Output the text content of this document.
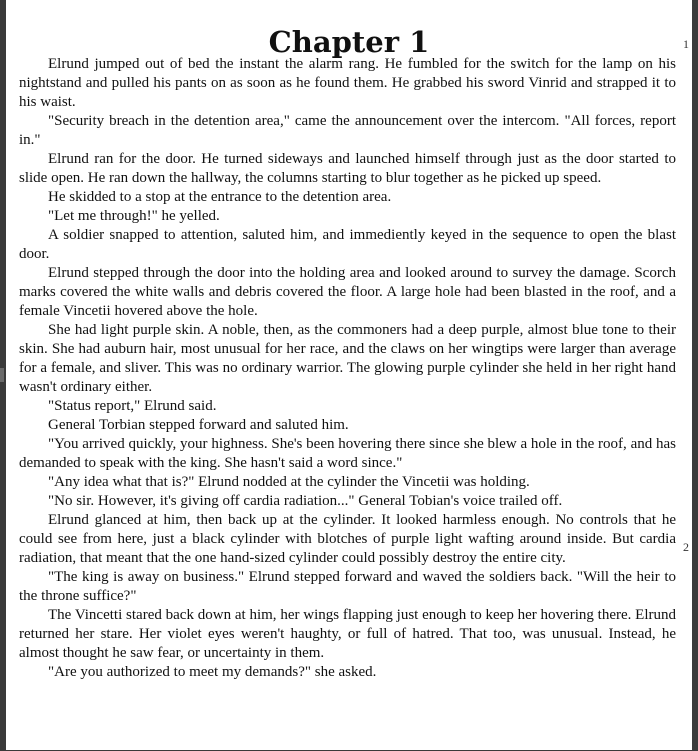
Chapter 1	1
2

Elrund jumped out of bed the instant the alarm rang. He fumbled for the switch for the lamp on his nightstand and pulled his pants on as soon as he found them. He grabbed his sword Vinrid and strapped it to his waist.

"Security breach in the detention area," came the announcement over the intercom. "All forces, report in."

Elrund ran for the door. He turned sideways and launched himself through just as the door started to slide open. He ran down the hallway, the columns starting to blur together as he picked up speed.

He skidded to a stop at the entrance to the detention area.

"Let me through!" he yelled.

A soldier snapped to attention, saluted him, and immediently keyed in the sequence to open the blast door.

Elrund stepped through the door into the holding area and looked around to survey the damage. Scorch marks covered the white walls and debris covered the floor. A large hole had been blasted in the roof, and a female Vincetii hovered above the hole.

She had light purple skin. A noble, then, as the commoners had a deep purple, almost blue tone to their skin. She had auburn hair, most unusual for her race, and the claws on her wingtips were larger than average for a female, and sliver. This was no ordinary warrior. The glowing purple cylinder she held in her right hand wasn't ordinary either.

"Status report," Elrund said.

General Torbian stepped forward and saluted him.

"You arrived quickly, your highness. She's been hovering there since she blew a hole in the roof, and has demanded to speak with the king. She hasn't said a word since."

"Any idea what that is?" Elrund nodded at the cylinder the Vincetii was holding.

"No sir. However, it's giving off cardia radiation..." General Tobian's voice trailed off.

Elrund glanced at him, then back up at the cylinder. It looked harmless enough. No controls that he could see from here, just a black cylinder with blotches of purple light wafting around inside. But cardia radiation, that meant that the one hand-sized cylinder could possibly destroy the entire city.

"The king is away on business." Elrund stepped forward and waved the soldiers back. "Will the heir to the throne suffice?"

The Vincetti stared back down at him, her wings flapping just enough to keep her hovering there. Elrund returned her stare. Her violet eyes weren't haughty, or full of hatred. That too, was unusual. Instead, he almost thought he saw fear, or uncertainty in them.

"Are you authorized to meet my demands?" she asked.
